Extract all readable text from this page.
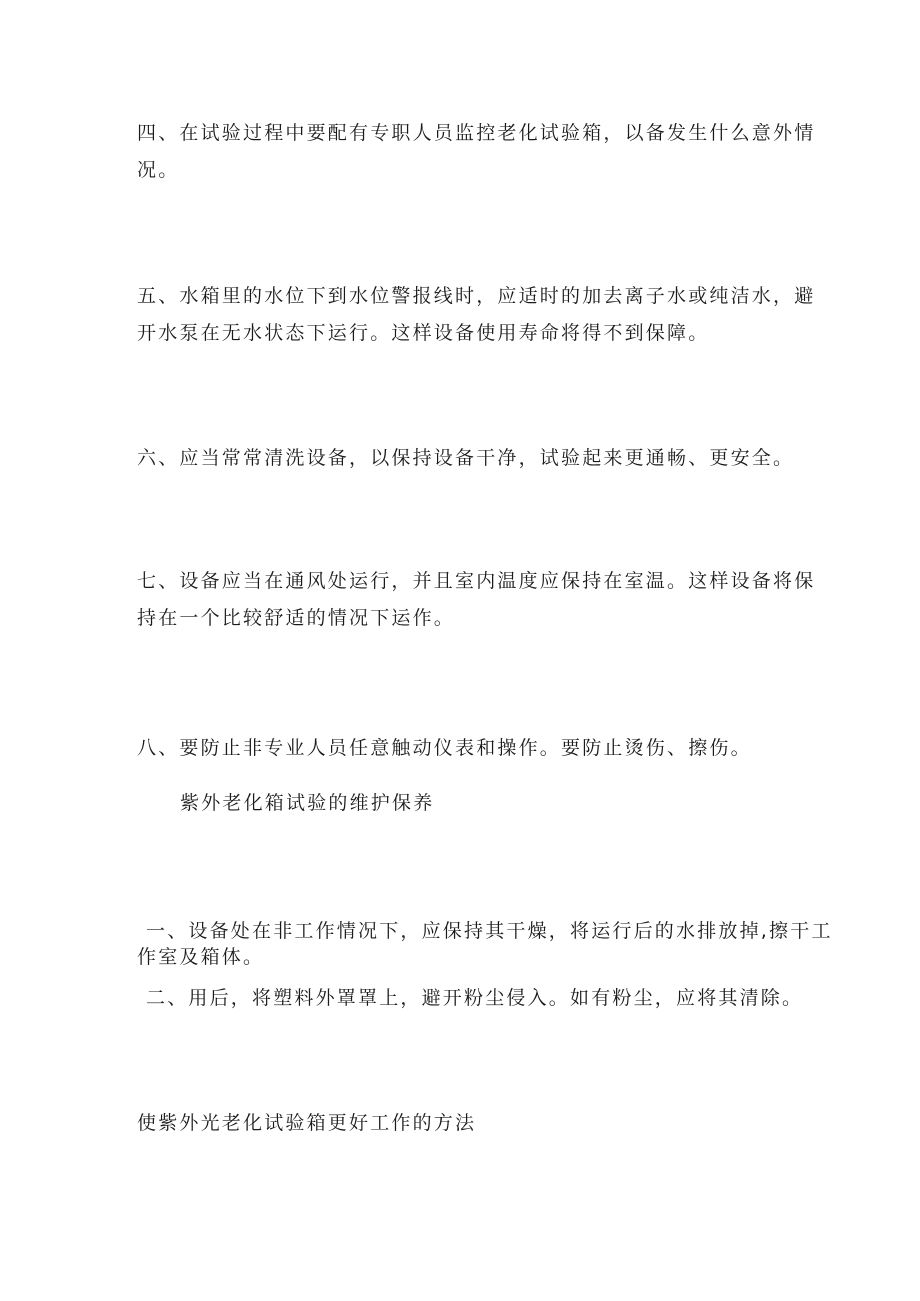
四、在试验过程中要配有专职人员监控老化试验箱，以备发生什么意外情
况。

五、水箱里的水位下到水位警报线时，应适时的加去离子水或纯洁水，避
开水泵在无水状态下运行。这样设备使用寿命将得不到保障。

六、应当常常清洗设备，以保持设备干净，试验起来更通畅、更安全。

七、设备应当在通风处运行，并且室内温度应保持在室温。这样设备将保
持在一个比较舒适的情况下运作。

八、要防止非专业人员任意触动仪表和操作。要防止烫伤、擦伤。

紫外老化箱试验的维护保养

一、设备处在非工作情况下，应保持其干燥，将运行后的水排放掉,擦干工
作室及箱体。

二、用后，将塑料外罩罩上，避开粉尘侵入。如有粉尘，应将其清除。

使紫外光老化试验箱更好工作的方法
